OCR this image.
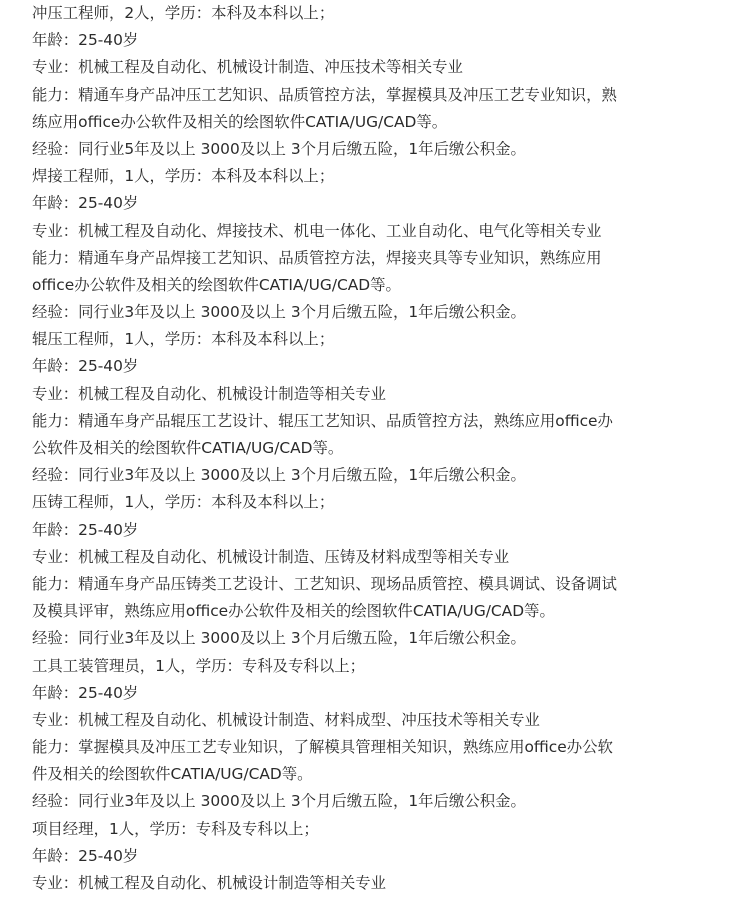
冲压工程师，2人，学历：本科及本科以上；
年龄：25-40岁
专业：机械工程及自动化、机械设计制造、冲压技术等相关专业
能力：精通车身产品冲压工艺知识、品质管控方法，掌握模具及冲压工艺专业知识，熟
练应用office办公软件及相关的绘图软件CATIA/UG/CAD等。
经验：同行业5年及以上 3000及以上 3个月后缴五险，1年后缴公积金。
焊接工程师，1人，学历：本科及本科以上；
年龄：25-40岁
专业：机械工程及自动化、焊接技术、机电一体化、工业自动化、电气化等相关专业
能力：精通车身产品焊接工艺知识、品质管控方法，焊接夹具等专业知识，熟练应用
office办公软件及相关的绘图软件CATIA/UG/CAD等。
经验：同行业3年及以上 3000及以上 3个月后缴五险，1年后缴公积金。
辊压工程师，1人，学历：本科及本科以上；
年龄：25-40岁
专业：机械工程及自动化、机械设计制造等相关专业
能力：精通车身产品辊压工艺设计、辊压工艺知识、品质管控方法，熟练应用office办
公软件及相关的绘图软件CATIA/UG/CAD等。
经验：同行业3年及以上 3000及以上 3个月后缴五险，1年后缴公积金。
压铸工程师，1人，学历：本科及本科以上；
年龄：25-40岁
专业：机械工程及自动化、机械设计制造、压铸及材料成型等相关专业
能力：精通车身产品压铸类工艺设计、工艺知识、现场品质管控、模具调试、设备调试
及模具评审，熟练应用office办公软件及相关的绘图软件CATIA/UG/CAD等。
经验：同行业3年及以上 3000及以上 3个月后缴五险，1年后缴公积金。
工具工装管理员，1人，学历：专科及专科以上；
年龄：25-40岁
专业：机械工程及自动化、机械设计制造、材料成型、冲压技术等相关专业
能力：掌握模具及冲压工艺专业知识，了解模具管理相关知识，熟练应用office办公软
件及相关的绘图软件CATIA/UG/CAD等。
经验：同行业3年及以上 3000及以上 3个月后缴五险，1年后缴公积金。
项目经理，1人，学历：专科及专科以上；
年龄：25-40岁
专业：机械工程及自动化、机械设计制造等相关专业
